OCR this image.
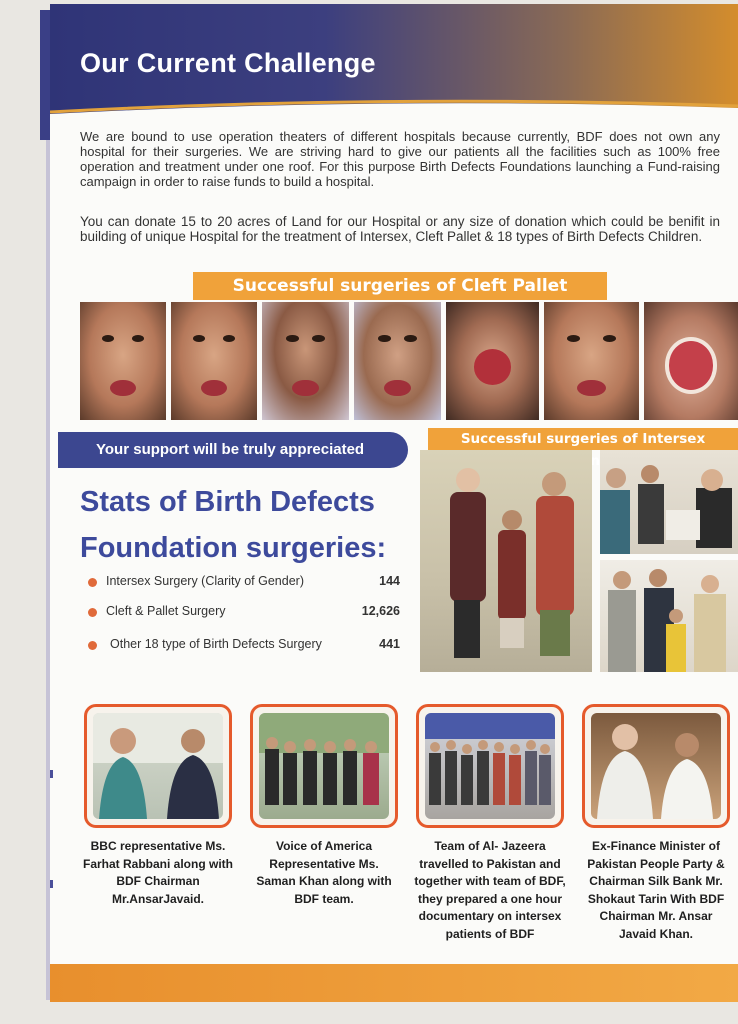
Our Current Challenge

We are bound to use operation theaters of different hospitals because currently, BDF does not own any hospital for their surgeries. We are striving hard to give our patients all the facilities such as 100% free operation and treatment under one roof. For this purpose Birth Defects Foundations launching a Fund-raising campaign in order to raise funds to build a hospital.

You can donate 15 to 20 acres of Land for our Hospital or any size of donation which could be benifit in building of unique Hospital for the treatment of Intersex, Cleft Pallet & 18 types of Birth Defects Children.

Successful surgeries of Cleft Pallet
Your support will be truly appreciated
Successful surgeries of Intersex
Stats of Birth Defects
Foundation surgeries:
Intersex Surgery (Clarity of Gender)	144
Cleft & Pallet Surgery	12,626
Other 18 type of Birth Defects Surgery	441

BBC representative Ms. Farhat Rabbani along with BDF Chairman Mr.AnsarJavaid.

Voice of America Representative Ms. Saman Khan along with BDF team.

Team of Al- Jazeera travelled to Pakistan and together with team of BDF, they prepared a one hour documentary on intersex patients of BDF

Ex-Finance Minister of Pakistan People Party & Chairman Silk Bank Mr. Shokaut Tarin With BDF Chairman Mr. Ansar Javaid Khan.
